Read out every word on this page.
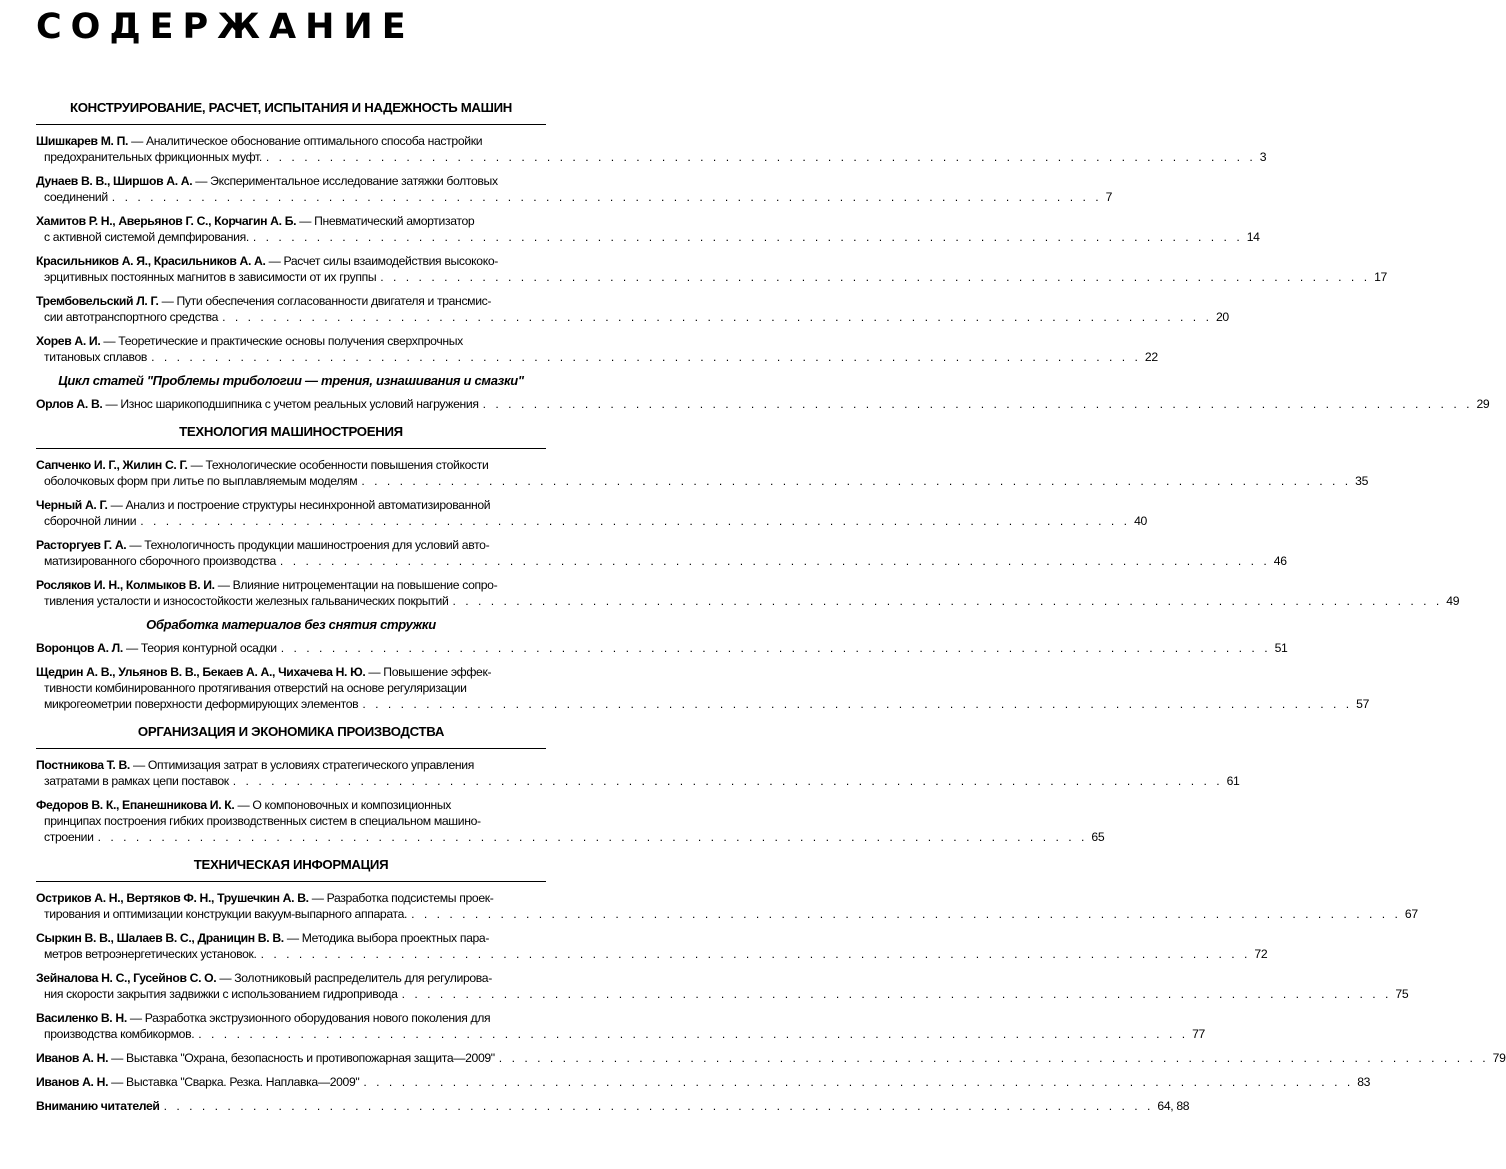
СОДЕРЖАНИЕ
КОНСТРУИРОВАНИЕ, РАСЧЕТ, ИСПЫТАНИЯ И НАДЕЖНОСТЬ МАШИН
Шишкарев М. П. — Аналитическое обоснование оптимального способа настройки
предохранительных фрикционных муфт. . . .	3
Дунаев В. В., Ширшов А. А. — Экспериментальное исследование затяжки болтовых
соединений . . .	7
Хамитов Р. Н., Аверьянов Г. С., Корчагин А. Б. — Пневматический амортизатор
с активной системой демпфирования. . . .	14
Красильников А. Я., Красильников А. А. — Расчет силы взаимодействия высококо-
эрцитивных постоянных магнитов в зависимости от их группы . . .	17
Трембовельский Л. Г. — Пути обеспечения согласованности двигателя и трансмис-
сии автотранспортного средства . . .	20
Хорев А. И. — Теоретические и практические основы получения сверхпрочных
титановых сплавов . . .	22
Цикл статей "Проблемы трибологии — трения, изнашивания и смазки"
Орлов А. В. — Износ шарикоподшипника с учетом реальных условий нагружения . . .	29
ТЕХНОЛОГИЯ МАШИНОСТРОЕНИЯ
Сапченко И. Г., Жилин С. Г. — Технологические особенности повышения стойкости
оболочковых форм при литье по выплавляемым моделям . . .	35
Черный А. Г. — Анализ и построение структуры несинхронной автоматизированной
сборочной линии . . .	40
Расторгуев Г. А. — Технологичность продукции машиностроения для условий авто-
матизированного сборочного производства . . .	46
Росляков И. Н., Колмыков В. И. — Влияние нитроцементации на повышение сопро-
тивления усталости и износостойкости железных гальванических покрытий . . .	49
Обработка материалов без снятия стружки
Воронцов А. Л. — Теория контурной осадки . . .	51
Щедрин А. В., Ульянов В. В., Бекаев А. А., Чихачева Н. Ю. — Повышение эффек-
тивности комбинированного протягивания отверстий на основе регуляризации
микрогеометрии поверхности деформирующих элементов . . .	57
ОРГАНИЗАЦИЯ И ЭКОНОМИКА ПРОИЗВОДСТВА
Постникова Т. В. — Оптимизация затрат в условиях стратегического управления
затратами в рамках цепи поставок . . .	61
Федоров В. К., Епанешникова И. К. — О компоновочных и композиционных
принципах построения гибких производственных систем в специальном машино-
строении . . .	65
ТЕХНИЧЕСКАЯ ИНФОРМАЦИЯ
Остриков А. Н., Вертяков Ф. Н., Трушечкин А. В. — Разработка подсистемы проек-
тирования и оптимизации конструкции вакуум-выпарного аппарата. . . .	67
Сыркин В. В., Шалаев В. С., Драницин В. В. — Методика выбора проектных пара-
метров ветроэнергетических установок. . . .	72
Зейналова Н. С., Гусейнов С. О. — Золотниковый распределитель для регулирова-
ния скорости закрытия задвижки с использованием гидропривода . . .	75
Василенко В. Н. — Разработка экструзионного оборудования нового поколения для
производства комбикормов. . . .	77
Иванов А. Н. — Выставка "Охрана, безопасность и противопожарная защита—2009" . . .	79
Иванов А. Н. — Выставка "Сварка. Резка. Наплавка—2009" . . .	83
Вниманию читателей . . .	64, 88
